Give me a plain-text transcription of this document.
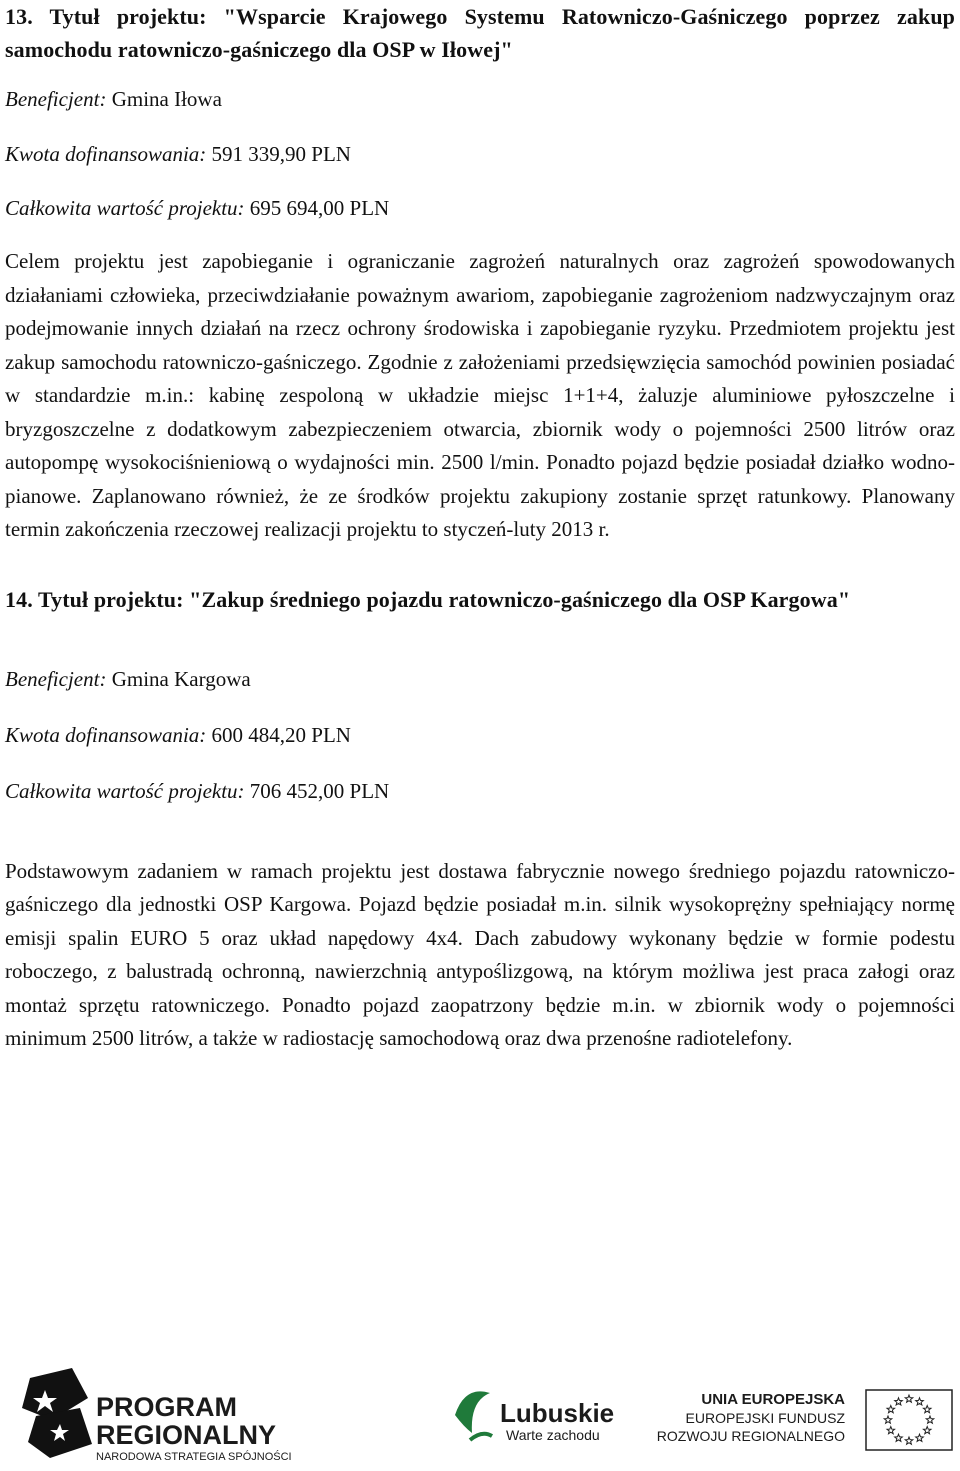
13. Tytuł projektu: "Wsparcie Krajowego Systemu Ratowniczo-Gaśniczego poprzez zakup samochodu ratowniczo-gaśniczego dla OSP w Iłowej"

Beneficjent: Gmina Iłowa

Kwota dofinansowania: 591 339,90 PLN

Całkowita wartość projektu: 695 694,00 PLN

Celem projektu jest zapobieganie i ograniczanie zagrożeń naturalnych oraz zagrożeń spowodowanych działaniami człowieka, przeciwdziałanie poważnym awariom, zapobieganie zagrożeniom nadzwyczajnym oraz podejmowanie innych działań na rzecz ochrony środowiska i zapobieganie ryzyku. Przedmiotem projektu jest zakup samochodu ratowniczo-gaśniczego. Zgodnie z założeniami przedsięwzięcia samochód powinien posiadać w standardzie m.in.: kabinę zespoloną w układzie miejsc 1+1+4, żaluzje aluminiowe pyłoszczelne i bryzgoszczelne z dodatkowym zabezpieczeniem otwarcia, zbiornik wody o pojemności 2500 litrów oraz autopompę wysokociśnieniową o wydajności min. 2500 l/min. Ponadto pojazd będzie posiadał działko wodno-pianowe. Zaplanowano również, że ze środków projektu zakupiony zostanie sprzęt ratunkowy. Planowany termin zakończenia rzeczowej realizacji projektu to styczeń-luty 2013 r.

14. Tytuł projektu: "Zakup średniego pojazdu ratowniczo-gaśniczego dla OSP Kargowa"

Beneficjent: Gmina Kargowa

Kwota dofinansowania: 600 484,20 PLN

Całkowita wartość projektu: 706 452,00 PLN

Podstawowym zadaniem w ramach projektu jest dostawa fabrycznie nowego średniego pojazdu ratowniczo-gaśniczego dla jednostki OSP Kargowa. Pojazd będzie posiadał m.in. silnik wysokoprężny spełniający normę emisji spalin EURO 5 oraz układ napędowy 4x4. Dach zabudowy wykonany będzie w formie podestu roboczego, z balustradą ochronną, nawierzchnią antypoślizgową, na którym możliwa jest praca załogi oraz montaż sprzętu ratowniczego. Ponadto pojazd zaopatrzony będzie m.in. w zbiornik wody o pojemności minimum 2500 litrów, a także w radiostację samochodową oraz dwa przenośne radiotelefony.

PROGRAM
REGIONALNY
NARODOWA STRATEGIA SPÓJNOŚCI
Lubuskie
Warte zachodu
UNIA EUROPEJSKA
EUROPEJSKI FUNDUSZ
ROZWOJU REGIONALNEGO
